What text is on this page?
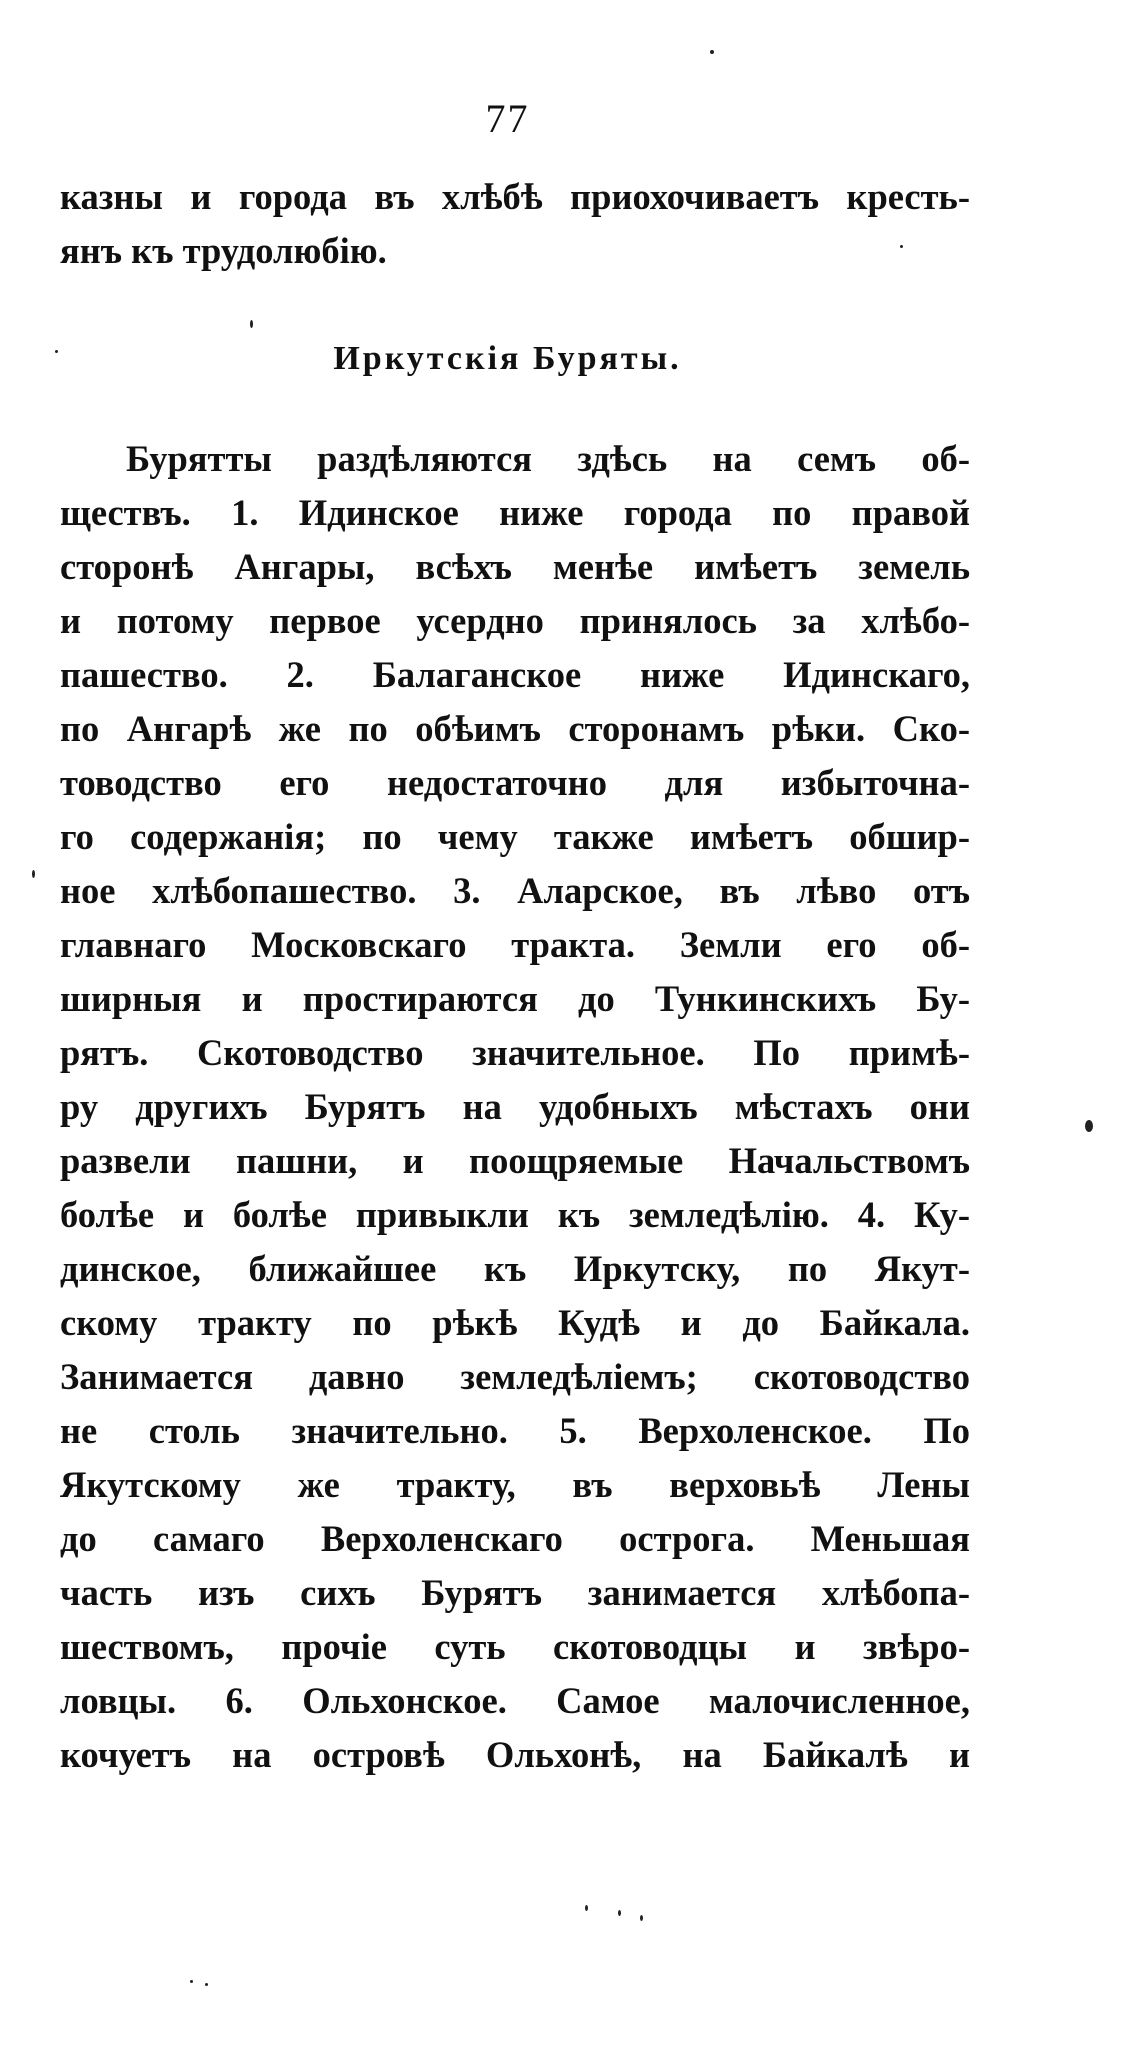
77
казны и города въ хлѣбѣ приохочиваетъ кресть-
янъ къ трудолюбію.
Иркутскія Буряты.
Бурятты раздѣляются здѣсь на семъ об-
ществъ. 1. Идинское ниже города по правой
сторонѣ Ангары, всѣхъ менѣе имѣетъ земель
и потому первое усердно принялось за хлѣбо-
пашество. 2. Балаганское ниже Идинскаго,
по Ангарѣ же по обѣимъ сторонамъ рѣки. Ско-
товодство его недостаточно для избыточна-
го содержанія; по чему также имѣетъ обшир-
ное хлѣбопашество. 3. Аларское, въ лѣво отъ
главнаго Московскаго тракта. Земли его об-
ширныя и простираются до Тункинскихъ Бу-
рятъ. Скотоводство значительное. По примѣ-
ру другихъ Бурятъ на удобныхъ мѣстахъ они
развели пашни, и поощряемые Начальствомъ
болѣе и болѣе привыкли къ земледѣлію. 4. Ку-
динское, ближайшее къ Иркутску, по Якут-
скому тракту по рѣкѣ Кудѣ и до Байкала.
Занимается давно земледѣліемъ; скотоводство
не столь значительно. 5. Верхоленское. По
Якутскому же тракту, въ верховьѣ Лены
до самаго Верхоленскаго острога. Меньшая
часть изъ сихъ Бурятъ занимается хлѣбопа-
шествомъ, прочіе суть скотоводцы и звѣро-
ловцы. 6. Ольхонское. Самое малочисленное,
кочуетъ на островѣ Ольхонѣ, на Байкалѣ и
